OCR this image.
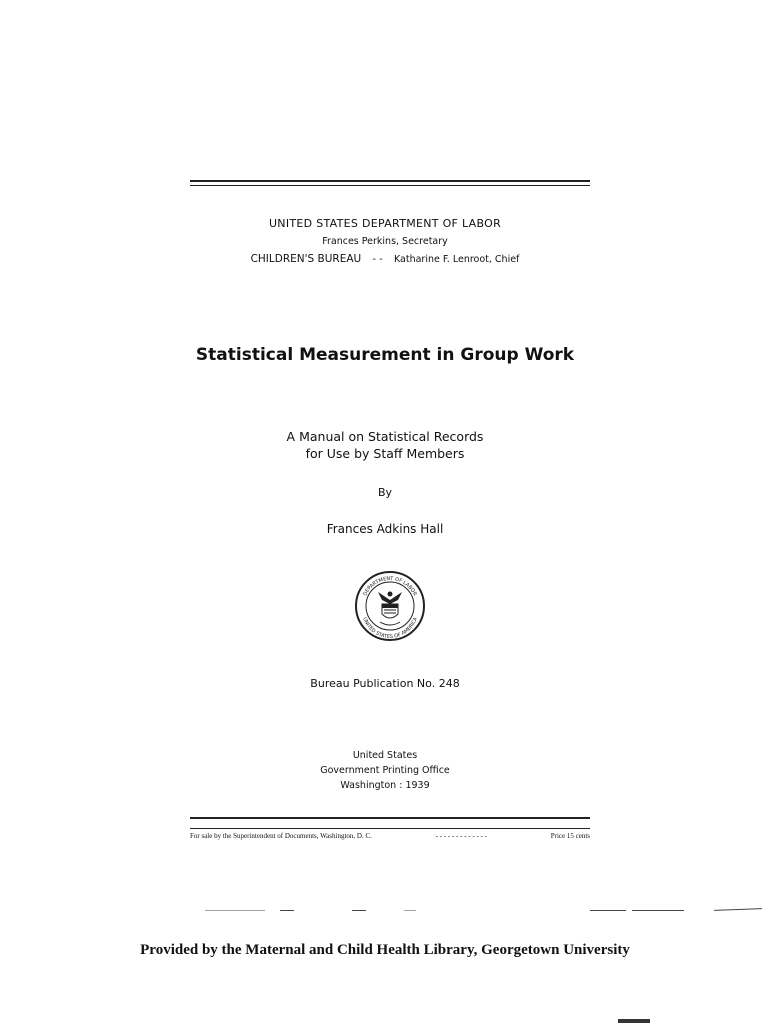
UNITED STATES DEPARTMENT OF LABOR
Frances Perkins, Secretary
CHILDREN'S BUREAU - - Katharine F. Lenroot, Chief
Statistical Measurement in Group Work
A Manual on Statistical Records
for Use by Staff Members
By
Frances Adkins Hall
DEPARTMENT OF LABOR
UNITED STATES OF AMERICA
Bureau Publication No. 248
United States
Government Printing Office
Washington : 1939
For sale by the Superintendent of Documents, Washington, D. C.	- - - - - - - - - - - - -	Price 15 cents
Provided by the Maternal and Child Health Library, Georgetown University
